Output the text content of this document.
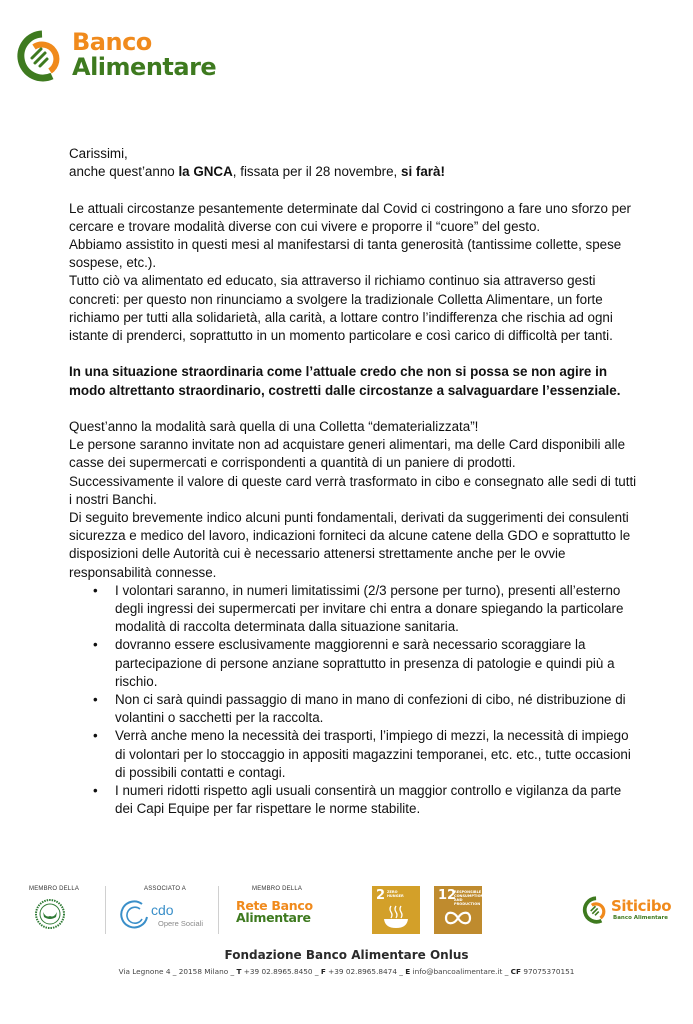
Banco
Alimentare

Carissimi,

anche quest’anno la GNCA, fissata per il 28 novembre, si farà!

Le attuali circostanze pesantemente determinate dal Covid ci costringono a fare uno sforzo per cercare e trovare modalità diverse con cui vivere e proporre il “cuore” del gesto.

Abbiamo assistito in questi mesi al manifestarsi di tanta generosità (tantissime collette, spese sospese, etc.).

Tutto ciò va alimentato ed educato, sia attraverso il richiamo continuo sia attraverso gesti concreti: per questo non rinunciamo a svolgere la tradizionale Colletta Alimentare, un forte richiamo per tutti alla solidarietà, alla carità, a lottare contro l’indifferenza che rischia ad ogni istante di prenderci, soprattutto in un momento particolare e così carico di difficoltà per tanti.

In una situazione straordinaria come l’attuale credo che non si possa se non agire in modo altrettanto straordinario, costretti dalle circostanze a salvaguardare l’essenziale.

Quest’anno la modalità sarà quella di una Colletta “dematerializzata”!

Le persone saranno invitate non ad acquistare generi alimentari, ma delle Card disponibili alle casse dei supermercati e corrispondenti a quantità di un paniere di prodotti.

Successivamente il valore di queste card verrà trasformato in cibo e consegnato alle sedi di tutti i nostri Banchi.

Di seguito brevemente indico alcuni punti fondamentali, derivati da suggerimenti dei consulenti sicurezza e medico del lavoro, indicazioni forniteci da alcune catene della GDO e soprattutto le disposizioni delle Autorità cui è necessario attenersi strettamente anche per le ovvie responsabilità connesse.

• I volontari saranno, in numeri limitatissimi (2/3 persone per turno), presenti all’esterno degli ingressi dei supermercati per invitare chi entra a donare spiegando la particolare modalità di raccolta determinata dalla situazione sanitaria.
• dovranno essere esclusivamente maggiorenni e sarà necessario scoraggiare la partecipazione di persone anziane soprattutto in presenza di patologie e quindi più a rischio.
• Non ci sarà quindi passaggio di mano in mano di confezioni di cibo, né distribuzione di volantini o sacchetti per la raccolta.
• Verrà anche meno la necessità dei trasporti, l’impiego di mezzi, la necessità di impiego di volontari per lo stoccaggio in appositi magazzini temporanei, etc. etc., tutte occasioni di possibili contatti e contagi.
• I numeri ridotti rispetto agli usuali consentirà un maggior controllo e vigilanza da parte dei Capi Equipe per far rispettare le norme stabilite.
MEMBRO DELLA	ASSOCIATO A
cdo
Opere Sociali
MEMBRO DELLA
Rete Banco
Alimentare
2 ZERO HUNGER	12
RESPONSIBLE CONSUMPTION AND PRODUCTION	Siticibo
Banco Alimentare
Fondazione Banco Alimentare Onlus
Via Legnone 4 _ 20158 Milano _ T +39 02.8965.8450 _ F +39 02.8965.8474 _ E info@bancoalimentare.it _ CF 97075370151
